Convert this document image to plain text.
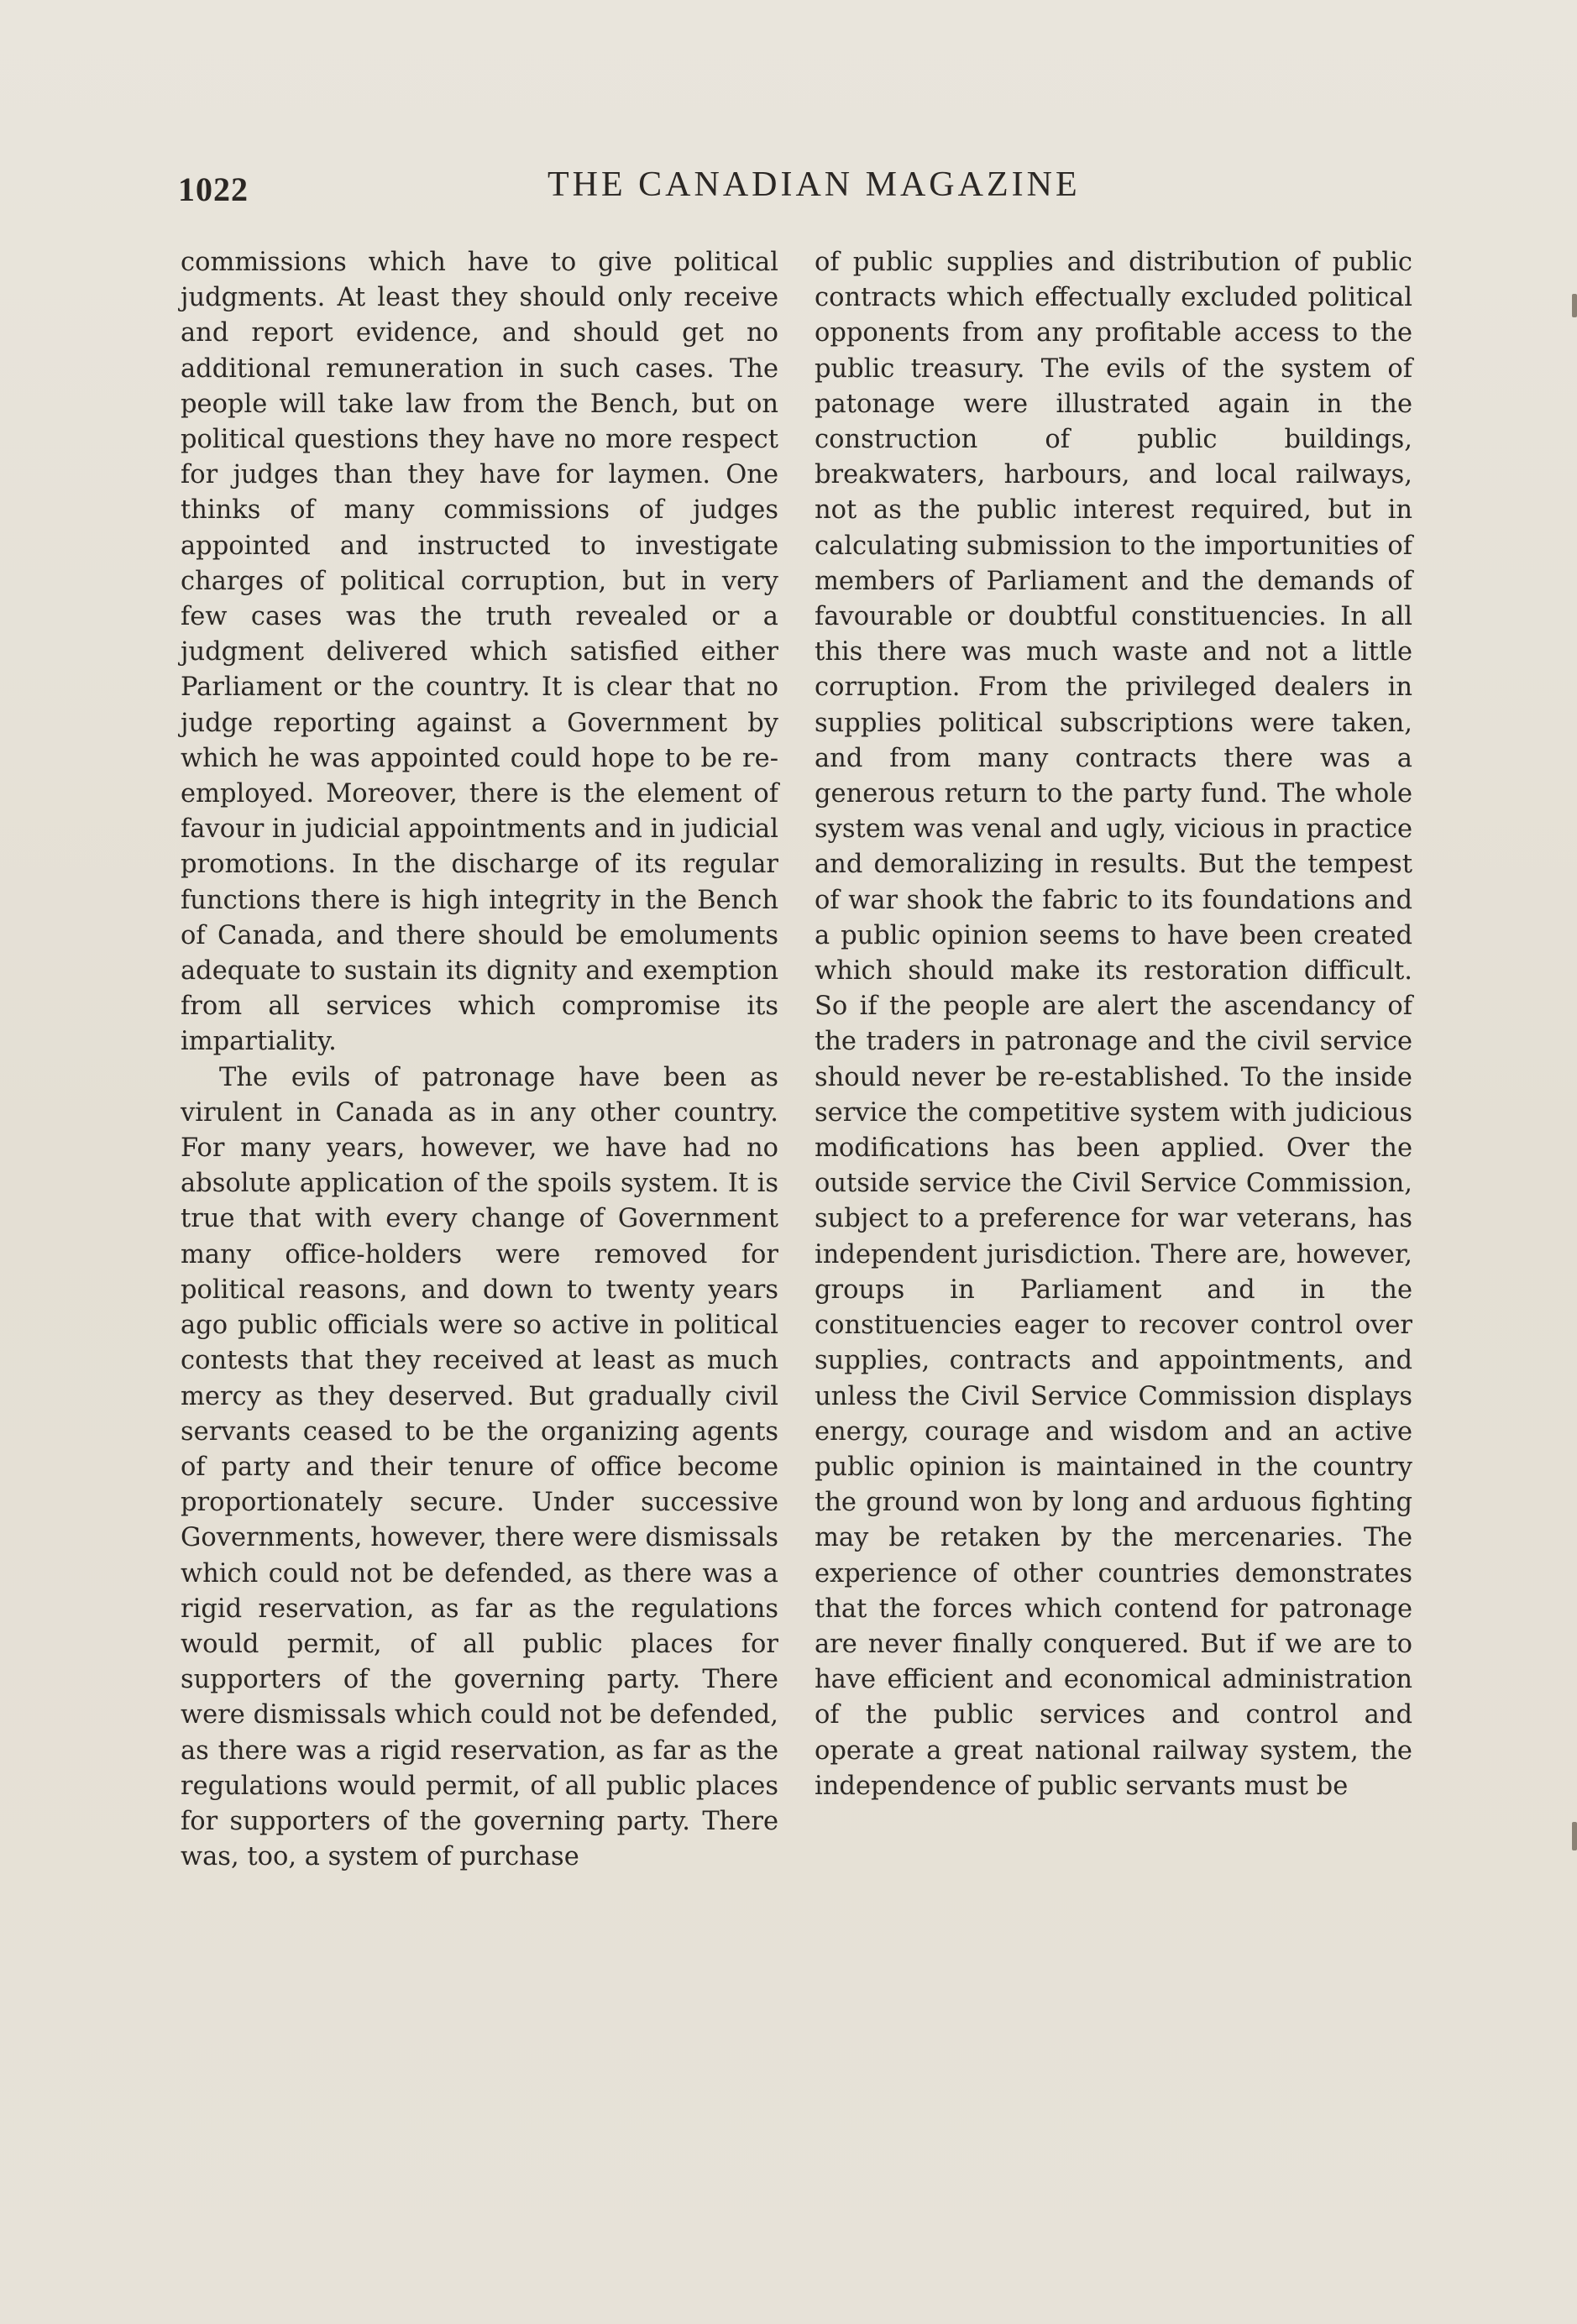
1022	THE CANADIAN MAGAZINE

commissions which have to give political judgments. At least they should only receive and report evidence, and should get no additional remuneration in such cases. The people will take law from the Bench, but on political questions they have no more respect for judges than they have for laymen. One thinks of many commissions of judges appointed and instructed to investigate charges of political corruption, but in very few cases was the truth revealed or a judgment delivered which satisfied either Parliament or the country. It is clear that no judge reporting against a Government by which he was appointed could hope to be re-employed. Moreover, there is the element of favour in judicial appointments and in judicial promotions. In the discharge of its regular functions there is high integrity in the Bench of Canada, and there should be emoluments adequate to sustain its dignity and exemption from all services which compromise its impartiality.

The evils of patronage have been as virulent in Canada as in any other country. For many years, however, we have had no absolute application of the spoils system. It is true that with every change of Government many office-holders were removed for political reasons, and down to twenty years ago public officials were so active in political contests that they received at least as much mercy as they deserved. But gradually civil servants ceased to be the organizing agents of party and their tenure of office become proportionately secure. Under successive Governments, however, there were dismissals which could not be defended, as there was a rigid reservation, as far as the regulations would permit, of all public places for supporters of the governing party. There were dismissals which could not be defended, as there was a rigid reservation, as far as the regulations would permit, of all public places for supporters of the governing party. There was, too, a system of purchase

of public supplies and distribution of public contracts which effectually excluded political opponents from any profitable access to the public treasury. The evils of the system of patonage were illustrated again in the construction of public buildings, breakwaters, harbours, and local railways, not as the public interest required, but in calculating submission to the importunities of members of Parliament and the demands of favourable or doubtful constituencies. In all this there was much waste and not a little corruption. From the privileged dealers in supplies political subscriptions were taken, and from many contracts there was a generous return to the party fund. The whole system was venal and ugly, vicious in practice and demoralizing in results. But the tempest of war shook the fabric to its foundations and a public opinion seems to have been created which should make its restoration difficult. So if the people are alert the ascendancy of the traders in patronage and the civil service should never be re-established. To the inside service the competitive system with judicious modifications has been applied. Over the outside service the Civil Service Commission, subject to a preference for war veterans, has independent jurisdiction. There are, however, groups in Parliament and in the constituencies eager to recover control over supplies, contracts and appointments, and unless the Civil Service Commission displays energy, courage and wisdom and an active public opinion is maintained in the country the ground won by long and arduous fighting may be retaken by the mercenaries. The experience of other countries demonstrates that the forces which contend for patronage are never finally conquered. But if we are to have efficient and economical administration of the public services and control and operate a great national railway system, the independence of public servants must be
